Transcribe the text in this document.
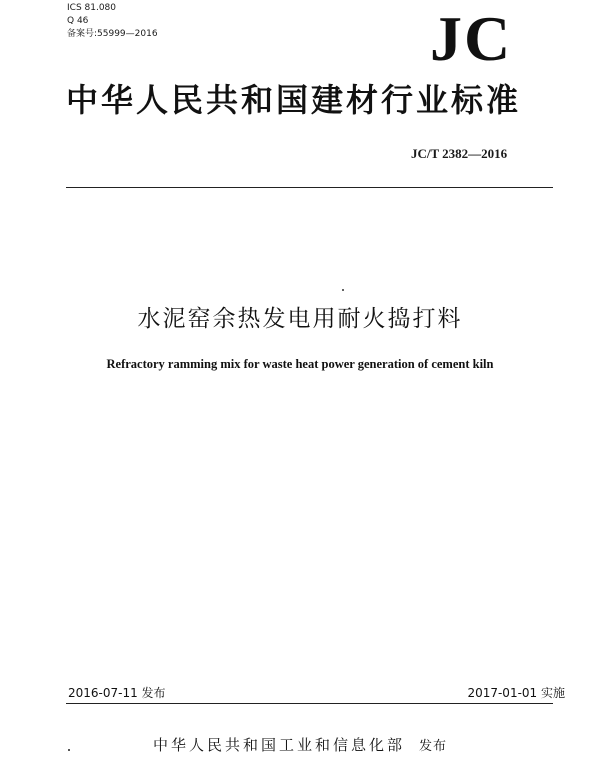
ICS 81.080
Q 46
备案号:55999—2016	JC
中华人民共和国建材行业标准
JC/T 2382—2016
水泥窑余热发电用耐火捣打料
Refractory ramming mix for waste heat power generation of cement kiln
2016-07-11 发布	2017-01-01 实施
中华人民共和国工业和信息化部 发布
